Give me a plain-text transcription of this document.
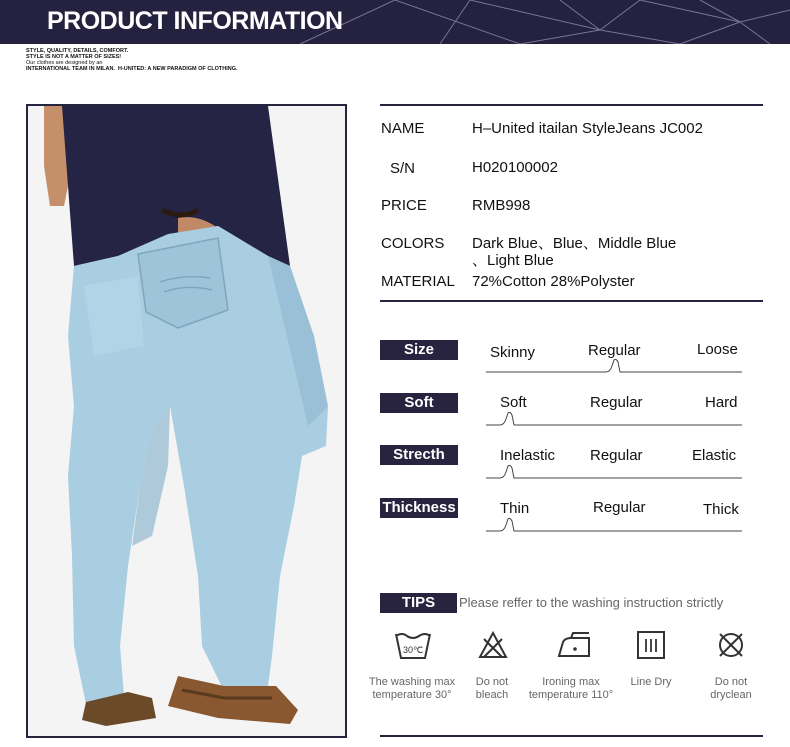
PRODUCT INFORMATION
STYLE, QUALITY, DETAILS, COMFORT.
STYLE IS NOT A MATTER OF SIZES!
Our clothes are designed by an
INTERNATIONAL TEAM IN MILAN. H-UNITED: A NEW PARADIGM OF CLOTHING.
NAME	H–United itailan StyleJeans JC002
S/N	H020100002
PRICE	RMB998
COLORS Dark Blue、Blue、Middle Blue
、Light Blue
MATERIAL 72%Cotton 28%Polyster
Size	Skinny	Regular	Loose
Soft	Soft	Regular	Hard
Strecth	Inelastic Regular	Elastic
Thickness	Thin	Regular	Thick
TIPS	Please reffer to the washing instruction strictly
30℃
The washing max
temperature 30°
Do not
bleach
Ironing max
temperature 110°
Line Dry	Do not
dryclean
